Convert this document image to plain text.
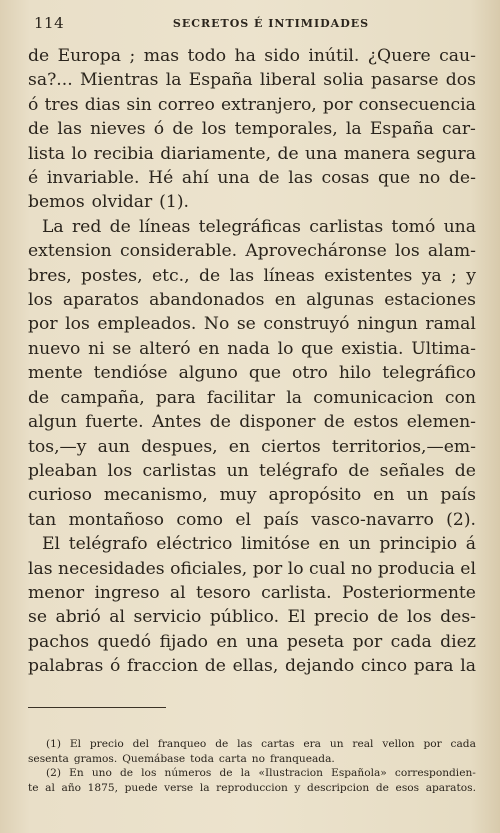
114	SECRETOS É INTIMIDADES
de Europa ; mas todo ha sido inútil. ¿Quere cau-
sa?... Mientras la España liberal solia pasarse dos
ó tres dias sin correo extranjero, por consecuencia
de las nieves ó de los temporales, la España car-
lista lo recibia diariamente, de una manera segura
é invariable. Hé ahí una de las cosas que no de-
bemos olvidar (1).
La red de líneas telegráficas carlistas tomó una
extension considerable. Aprovecháronse los alam-
bres, postes, etc., de las líneas existentes ya ; y
los aparatos abandonados en algunas estaciones
por los empleados. No se construyó ningun ramal
nuevo ni se alteró en nada lo que existia. Ultima-
mente tendióse alguno que otro hilo telegráfico
de campaña, para facilitar la comunicacion con
algun fuerte. Antes de disponer de estos elemen-
tos,—y aun despues, en ciertos territorios,—em-
pleaban los carlistas un telégrafo de señales de
curioso mecanismo, muy apropósito en un país
tan montañoso como el país vasco-navarro (2).
El telégrafo eléctrico limitóse en un principio á
las necesidades oficiales, por lo cual no producia el
menor ingreso al tesoro carlista. Posteriormente
se abrió al servicio público. El precio de los des-
pachos quedó fijado en una peseta por cada diez
palabras ó fraccion de ellas, dejando cinco para la
(1) El precio del franqueo de las cartas era un real vellon por cada
sesenta gramos. Quemábase toda carta no franqueada.
(2) En uno de los números de la «Ilustracion Española» correspondien-
te al año 1875, puede verse la reproduccion y descripcion de esos aparatos.
